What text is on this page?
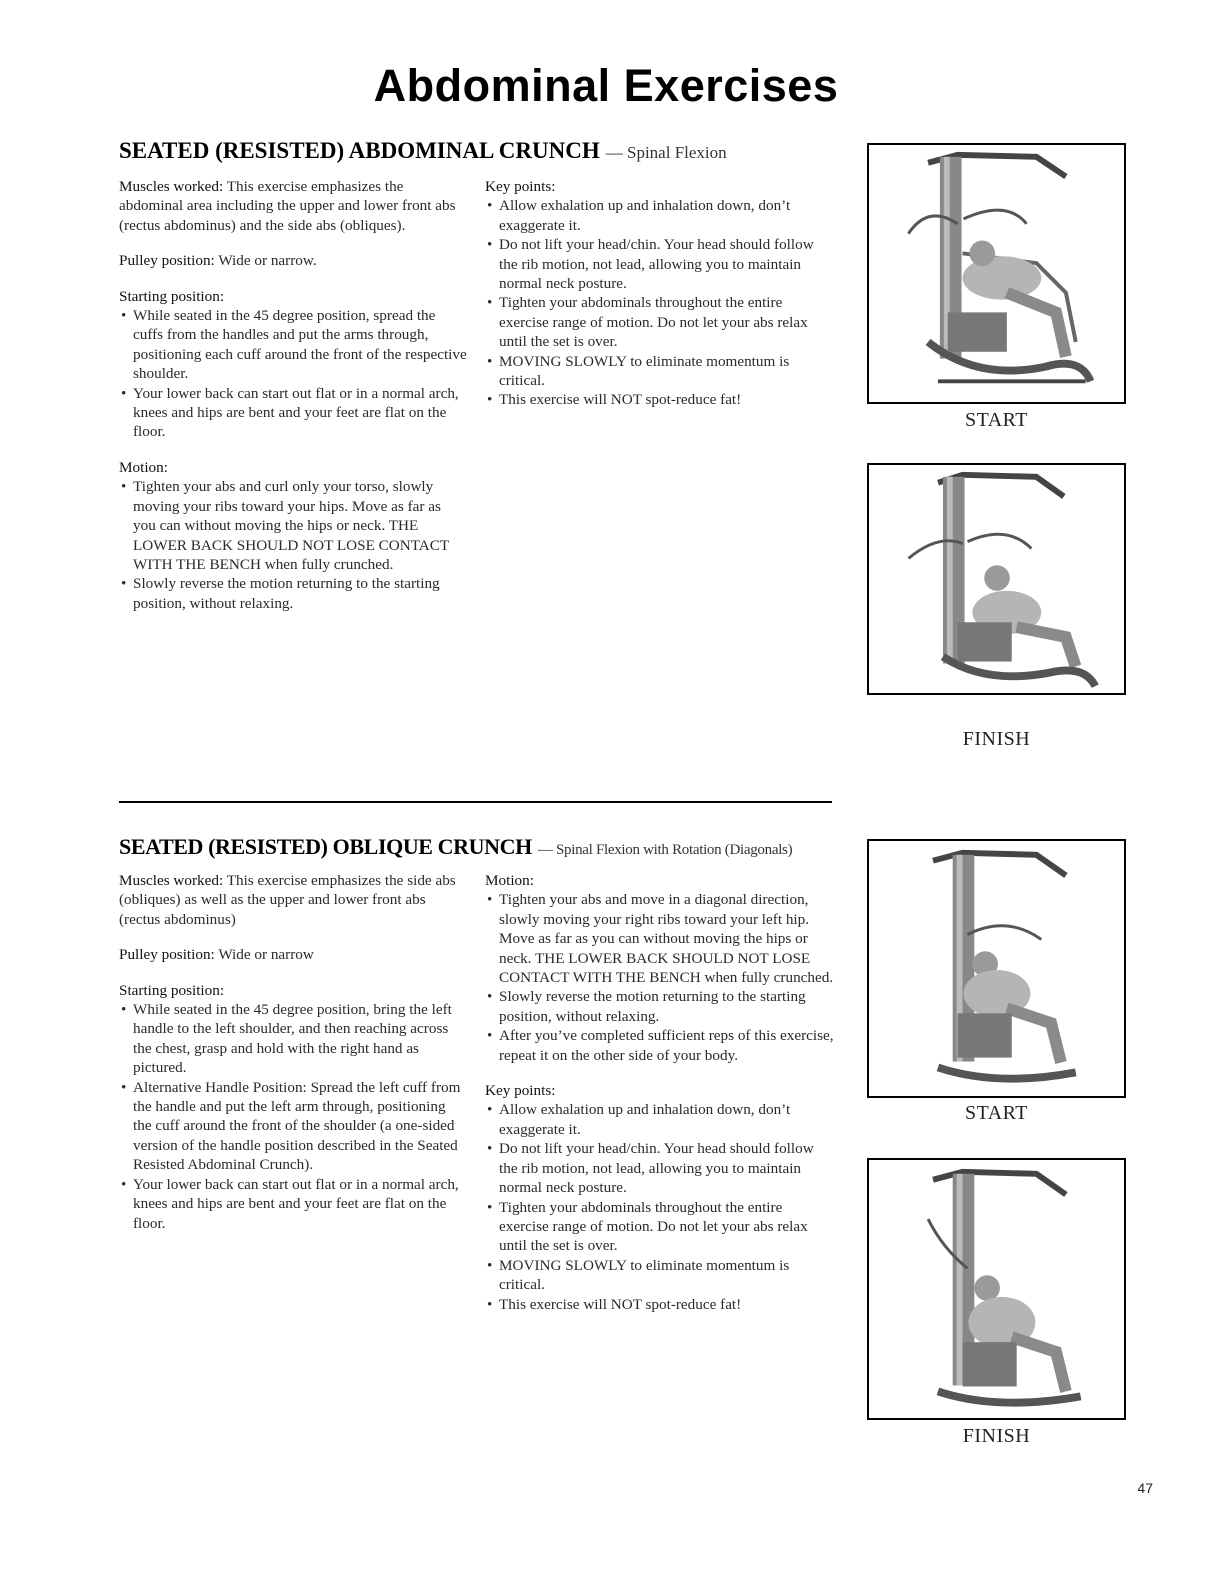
Abdominal Exercises
SEATED (RESISTED) ABDOMINAL CRUNCH — Spinal Flexion

Muscles worked: This exercise emphasizes the abdominal area including the upper and lower front abs (rectus abdominus) and the side abs (obliques).

Pulley position: Wide or narrow.

Starting position:

• While seated in the 45 degree position, spread the cuffs from the handles and put the arms through, positioning each cuff around the front of the respective shoulder.
• Your lower back can start out flat or in a normal arch, knees and hips are bent and your feet are flat on the floor.

Motion:

• Tighten your abs and curl only your torso, slowly moving your ribs toward your hips. Move as far as you can without moving the hips or neck. THE LOWER BACK SHOULD NOT LOSE CONTACT WITH THE BENCH when fully crunched.
• Slowly reverse the motion returning to the starting position, without relaxing.

Key points:

• Allow exhalation up and inhalation down, don’t exaggerate it.
• Do not lift your head/chin. Your head should follow the rib motion, not lead, allowing you to maintain normal neck posture.
• Tighten your abdominals throughout the entire exercise range of motion. Do not let your abs relax until the set is over.
• MOVING SLOWLY to eliminate momentum is critical.
• This exercise will NOT spot-reduce fat!
START
FINISH
SEATED (RESISTED) OBLIQUE CRUNCH — Spinal Flexion with Rotation (Diagonals)

Muscles worked: This exercise emphasizes the side abs (obliques) as well as the upper and lower front abs (rectus abdominus)

Pulley position: Wide or narrow

Starting position:

• While seated in the 45 degree position, bring the left handle to the left shoulder, and then reaching across the chest, grasp and hold with the right hand as pictured.
• Alternative Handle Position: Spread the left cuff from the handle and put the left arm through, positioning the cuff around the front of the shoulder (a one-sided version of the handle position described in the Seated Resisted Abdominal Crunch).
• Your lower back can start out flat or in a normal arch, knees and hips are bent and your feet are flat on the floor.

Motion:

• Tighten your abs and move in a diagonal direction, slowly moving your right ribs toward your left hip. Move as far as you can without moving the hips or neck. THE LOWER BACK SHOULD NOT LOSE CONTACT WITH THE BENCH when fully crunched.
• Slowly reverse the motion returning to the starting position, without relaxing.
• After you’ve completed sufficient reps of this exercise, repeat it on the other side of your body.

Key points:

• Allow exhalation up and inhalation down, don’t exaggerate it.
• Do not lift your head/chin. Your head should follow the rib motion, not lead, allowing you to maintain normal neck posture.
• Tighten your abdominals throughout the entire exercise range of motion. Do not let your abs relax until the set is over.
• MOVING SLOWLY to eliminate momentum is critical.
• This exercise will NOT spot-reduce fat!
START
FINISH
47
